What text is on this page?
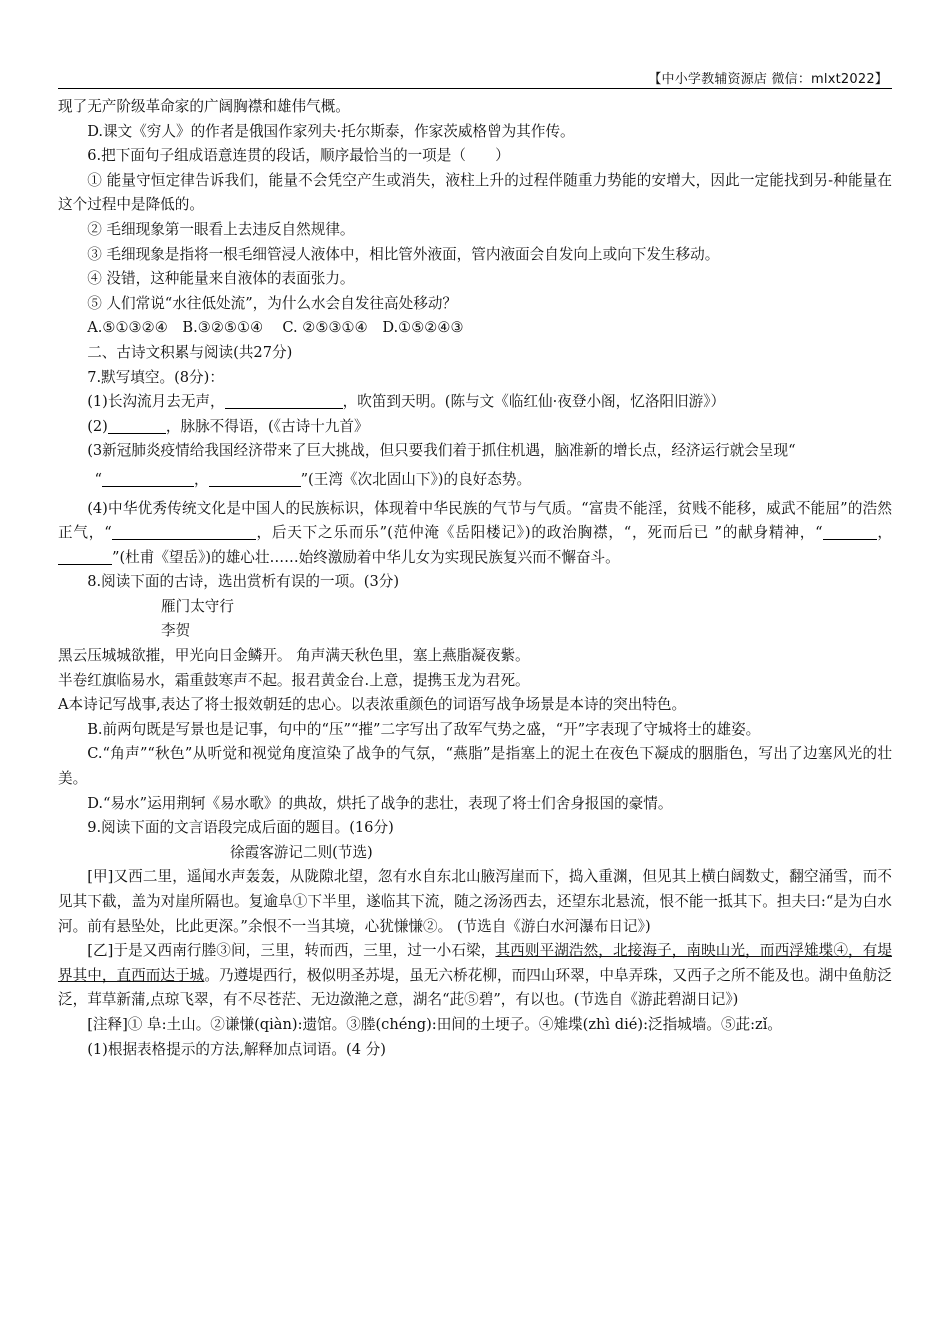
【中小学教辅资源店 微信：mlxt2022】

现了无产阶级革命家的广阔胸襟和雄伟气概。

D.课文《穷人》的作者是俄国作家列夫·托尔斯泰，作家茨威格曾为其作传。

6.把下面句子组成语意连贯的段话，顺序最恰当的一项是（　　）

① 能量守恒定律告诉我们，能量不会凭空产生或消失，液柱上升的过程伴随重力势能的安增大，因此一定能找到另-种能量在这个过程中是降低的。

② 毛细现象第一眼看上去违反自然规律。

③ 毛细现象是指将一根毛细管浸人液体中，相比管外液面，管内液面会自发向上或向下发生移动。

④ 没错，这种能量来自液体的表面张力。

⑤ 人们常说“水往低处流”，为什么水会自发往高处移动？

A.⑤①③②④　B.③②⑤①④　 C. ②⑤③①④　D.①⑤②④③

二、古诗文积累与阅读(共27分)

7.默写填空。(8分)：

(1)长沟流月去无声，	，吹笛到天明。(陈与文《临红仙·夜登小阁，忆洛阳旧游》）

(2)	，脉脉不得语，(《古诗十九首》

(3新冠肺炎疫情给我国经济带来了巨大挑战，但只要我们着于抓住机遇，脑准新的增长点，经济运行就会呈现“

“	，	”(王湾《次北固山下》)的良好态势。

(4)中华优秀传统文化是中国人的民族标识，体现着中华民族的气节与气质。“富贵不能淫，贫贱不能移，威武不能屈”的浩然正气，“	，后天下之乐而乐”(范仲淹《岳阳楼记》)的政治胸襟，“，死而后已 ”的献身精神，“	，”(杜甫《望岳》)的雄心壮……始终激励着中华儿女为实现民族复兴而不懈奋斗。

8.阅读下面的古诗，选出赏析有误的一项。(3分)

雁门太守行

李贺

黑云压城城欲摧，甲光向日金鳞开。 角声满天秋色里，塞上燕脂凝夜紫。

半卷红旗临易水，霜重鼓寒声不起。报君黄金台.上意，提携玉龙为君死。

A本诗记写战事,表达了将士报效朝廷的忠心。以表浓重颜色的词语写战争场景是本诗的突出特色。

B.前两句既是写景也是记事，句中的“压”“摧”二字写出了敌军气势之盛，“开”字表现了守城将士的雄姿。

C.“角声”“秋色”从听觉和视觉角度渲染了战争的气氛，“燕脂”是指塞上的泥土在夜色下凝成的胭脂色，写出了边塞风光的壮美。

D.“易水”运用荆轲《易水歌》的典故，烘托了战争的悲壮，表现了将士们舍身报国的豪情。

9.阅读下面的文言语段完成后面的题目。(16分)

徐霞客游记二则(节选)

[甲]又西二里，遥闻水声轰轰，从陇隙北望，忽有水自东北山腋泻崖而下，捣入重渊，但见其上横白阔数丈，翻空涌雪，而不见其下截，盖为对崖所隔也。复逾阜①下半里，遂临其下流，随之汤汤西去，还望东北悬流，恨不能一抵其下。担夫曰:“是为白水河。前有悬坠处，比此更深。”余恨不一当其境，心犹慊慊②。 (节选自《游白水河瀑布日记》)

[乙]于是又西南行塍③间，三里，转而西，三里，过一小石梁，其西则平湖浩然，北接海子，南映山光，而西浮雉堞④，有堤界其中，直西而达于城。乃遵堤西行，极似明圣苏堤，虽无六桥花柳，而四山环翠，中阜弄珠，又西子之所不能及也。湖中鱼舫泛泛，茸草新蒲,点琼飞翠，有不尽苍茫、无边潋滟之意，湖名“茈⑤碧”，有以也。(节选自《游茈碧湖日记》)

[注释]① 阜:土山。②谦慊(qiàn):遗馆。③塍(chéng):田间的土埂子。④雉堞(zhì dié):泛指城墙。⑤茈:zǐ。

(1)根据表格提示的方法,解释加点词语。(4 分)
